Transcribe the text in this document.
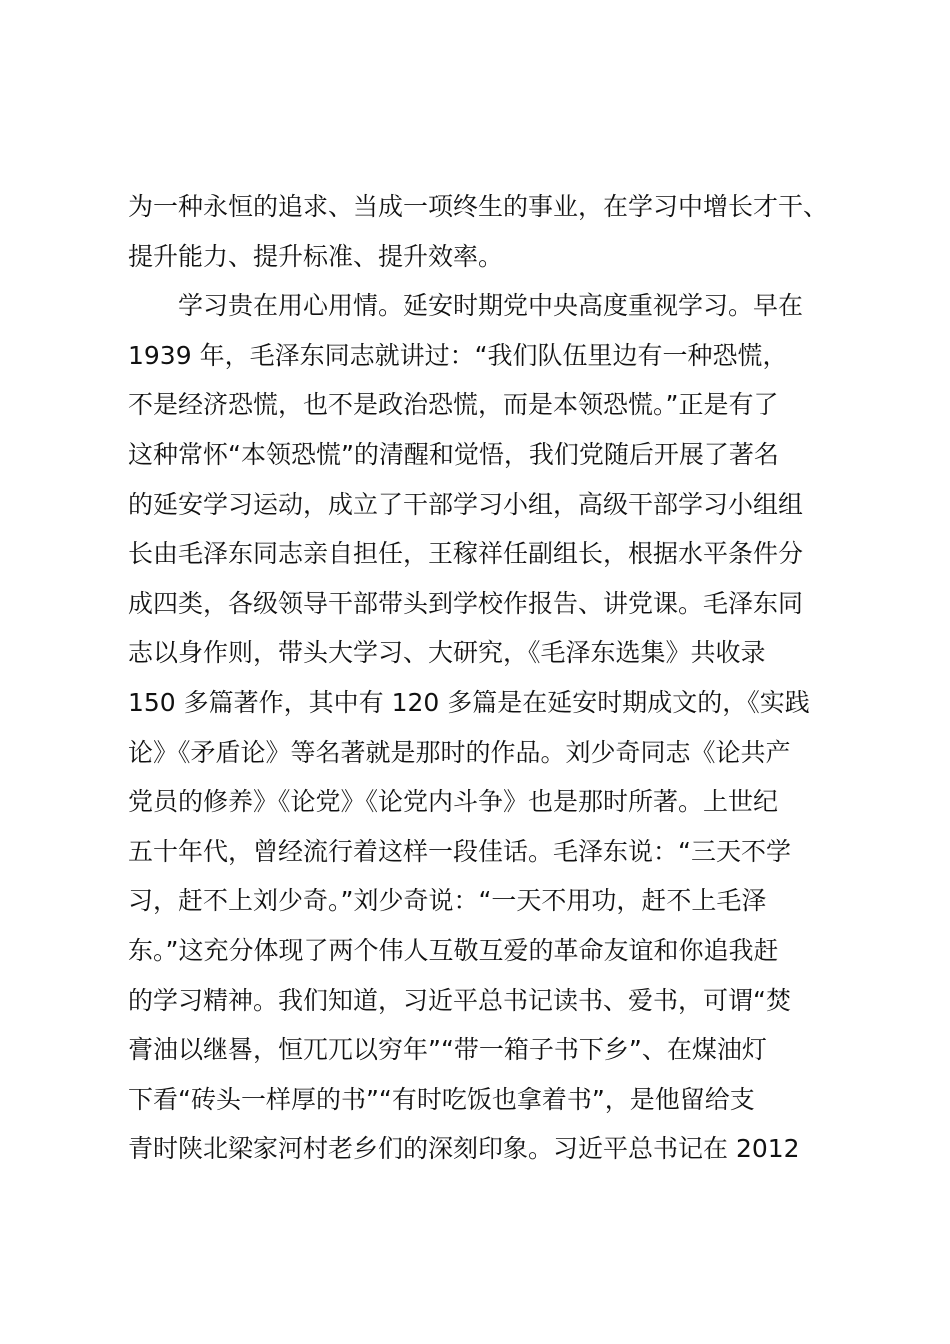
为一种永恒的追求、当成一项终生的事业，在学习中增长才干、
提升能力、提升标准、提升效率。
学习贵在用心用情。延安时期党中央高度重视学习。早在
1939 年，毛泽东同志就讲过：“我们队伍里边有一种恐慌，
不是经济恐慌，也不是政治恐慌，而是本领恐慌。”正是有了
这种常怀“本领恐慌”的清醒和觉悟，我们党随后开展了著名
的延安学习运动，成立了干部学习小组，高级干部学习小组组
长由毛泽东同志亲自担任，王稼祥任副组长，根据水平条件分
成四类，各级领导干部带头到学校作报告、讲党课。毛泽东同
志以身作则，带头大学习、大研究，《毛泽东选集》共收录
150 多篇著作，其中有 120 多篇是在延安时期成文的，《实践
论》《矛盾论》等名著就是那时的作品。刘少奇同志《论共产
党员的修养》《论党》《论党内斗争》也是那时所著。上世纪
五十年代，曾经流行着这样一段佳话。毛泽东说：“三天不学
习，赶不上刘少奇。”刘少奇说：“一天不用功，赶不上毛泽
东。”这充分体现了两个伟人互敬互爱的革命友谊和你追我赶
的学习精神。我们知道，习近平总书记读书、爱书，可谓“焚
膏油以继晷，恒兀兀以穷年”“带一箱子书下乡”、在煤油灯
下看“砖头一样厚的书”“有时吃饭也拿着书”，是他留给支
青时陕北梁家河村老乡们的深刻印象。习近平总书记在 2012
